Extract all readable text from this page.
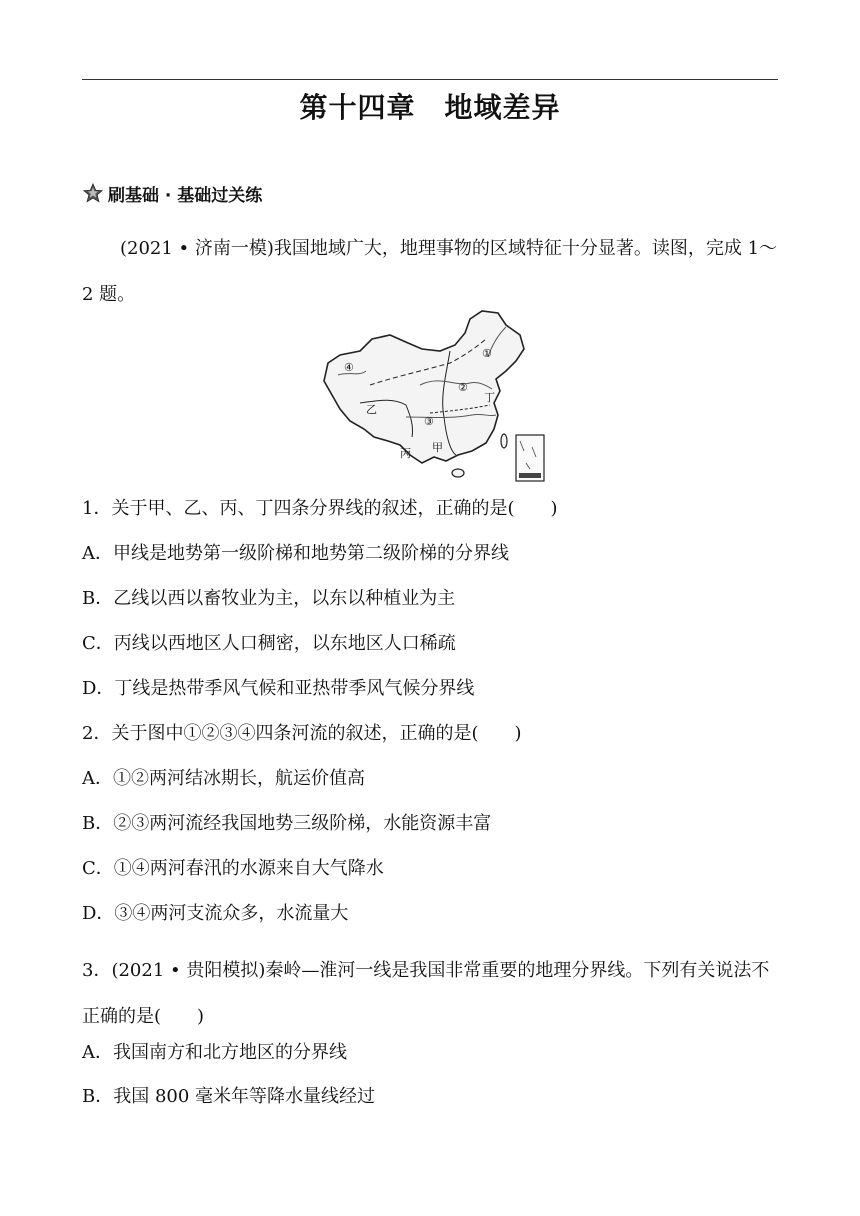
第十四章　地域差异
刷基础 · 基础过关练
(2021 • 济南一模)我国地域广大，地理事物的区域特征十分显著。读图，完成 1～2 题。
①
②
③
④
甲
乙
丙
丁
1．关于甲、乙、丙、丁四条分界线的叙述，正确的是(　　)
A．甲线是地势第一级阶梯和地势第二级阶梯的分界线
B．乙线以西以畜牧业为主，以东以种植业为主
C．丙线以西地区人口稠密，以东地区人口稀疏
D．丁线是热带季风气候和亚热带季风气候分界线
2．关于图中①②③④四条河流的叙述，正确的是(　　)
A．①②两河结冰期长，航运价值高
B．②③两河流经我国地势三级阶梯，水能资源丰富
C．①④两河春汛的水源来自大气降水
D．③④两河支流众多，水流量大
3．(2021 • 贵阳模拟)秦岭—淮河一线是我国非常重要的地理分界线。下列有关说法不正确的是(　　)
A．我国南方和北方地区的分界线
B．我国 800 毫米年等降水量线经过
